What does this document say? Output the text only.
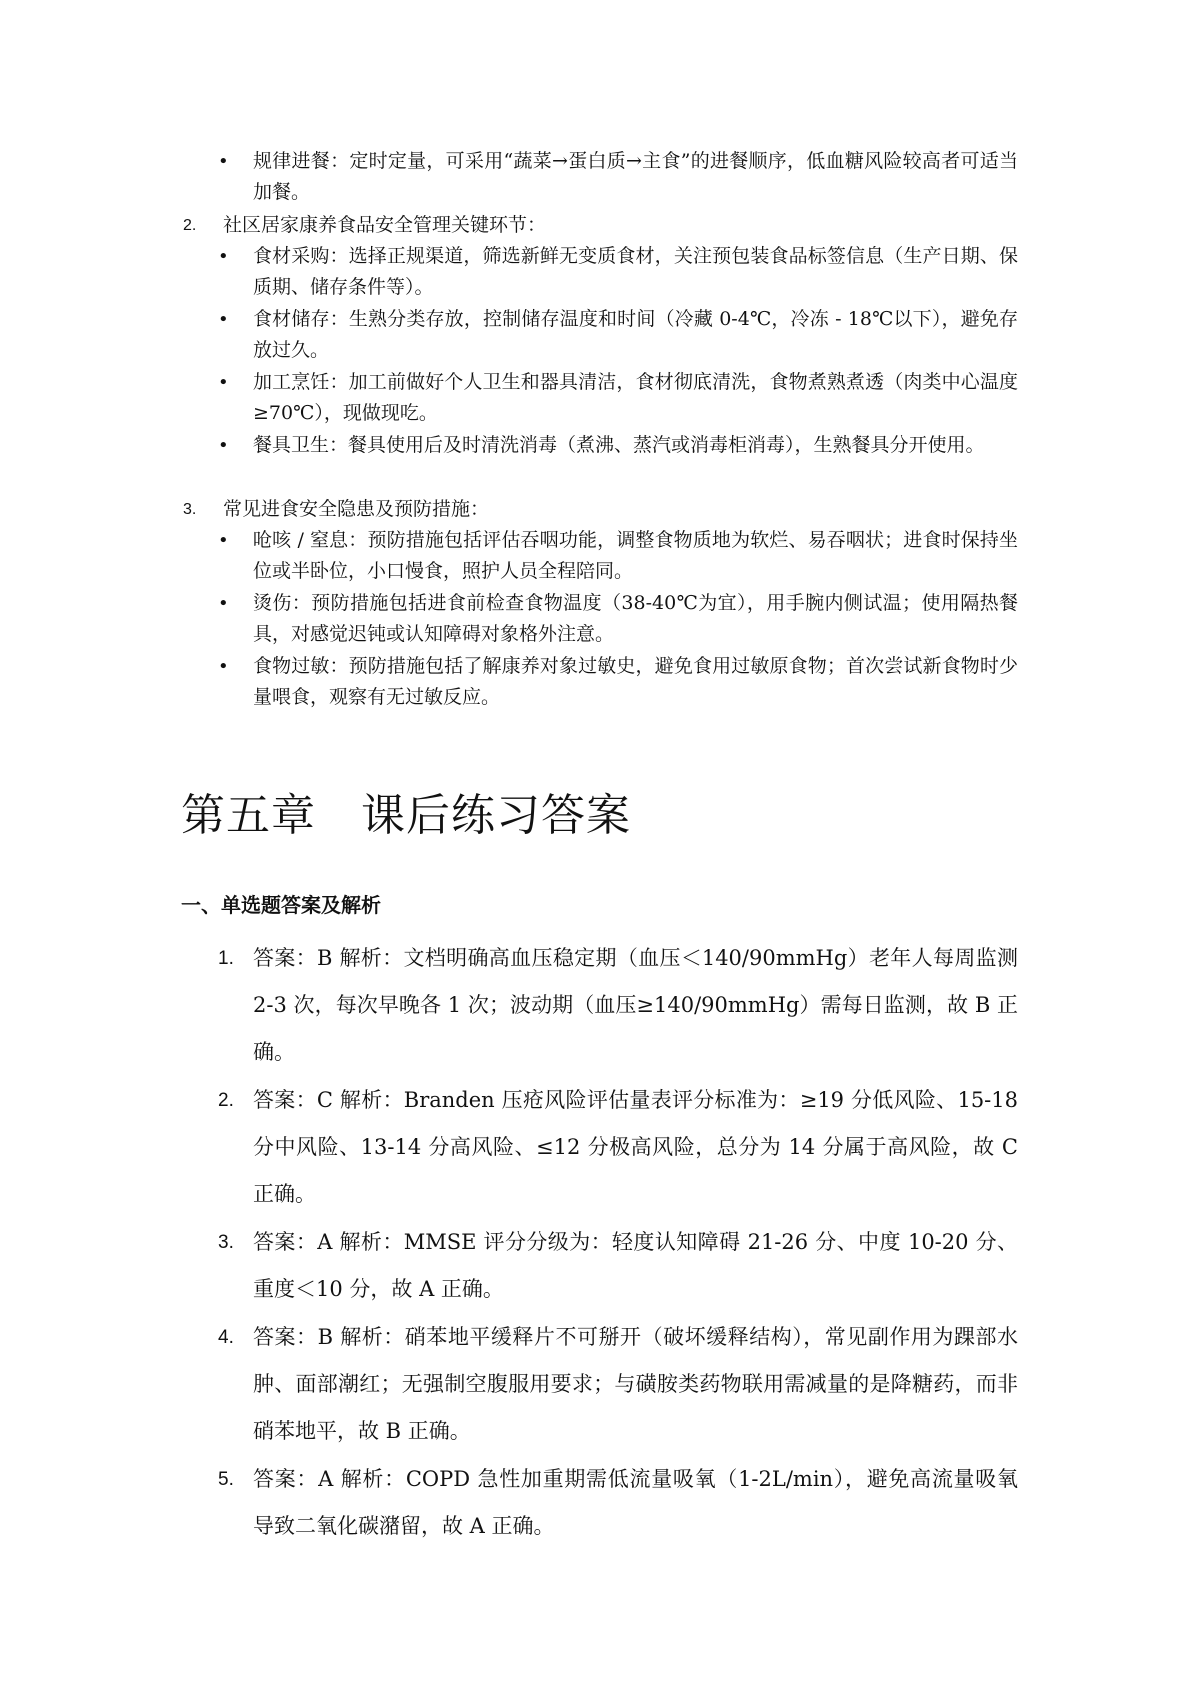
• 规律进餐：定时定量，可采用“蔬菜→蛋白质→主食”的进餐顺序，低血糖风险较高者可适当加餐。
2.	社区居家康养食品安全管理关键环节：
• 食材采购：选择正规渠道，筛选新鲜无变质食材，关注预包装食品标签信息（生产日期、保质期、储存条件等）。
• 食材储存：生熟分类存放，控制储存温度和时间（冷藏 0-4℃，冷冻 - 18℃以下），避免存放过久。
• 加工烹饪：加工前做好个人卫生和器具清洁，食材彻底清洗，食物煮熟煮透（肉类中心温度≥70℃），现做现吃。
• 餐具卫生：餐具使用后及时清洗消毒（煮沸、蒸汽或消毒柜消毒），生熟餐具分开使用。
3.	常见进食安全隐患及预防措施：
• 呛咳 / 窒息：预防措施包括评估吞咽功能，调整食物质地为软烂、易吞咽状；进食时保持坐位或半卧位，小口慢食，照护人员全程陪同。
• 烫伤：预防措施包括进食前检查食物温度（38-40℃为宜），用手腕内侧试温；使用隔热餐具，对感觉迟钝或认知障碍对象格外注意。
• 食物过敏：预防措施包括了解康养对象过敏史，避免食用过敏原食物；首次尝试新食物时少量喂食，观察有无过敏反应。
第五章　课后练习答案
一、单选题答案及解析
1. 答案：B 解析：文档明确高血压稳定期（血压＜140/90mmHg）老年人每周监测 2-3 次，每次早晚各 1 次；波动期（血压≥140/90mmHg）需每日监测，故 B 正确。
2. 答案：C 解析：Branden 压疮风险评估量表评分标准为：≥19 分低风险、15-18 分中风险、13-14 分高风险、≤12 分极高风险，总分为 14 分属于高风险，故 C 正确。
3. 答案：A 解析：MMSE 评分分级为：轻度认知障碍 21-26 分、中度 10-20 分、重度＜10 分，故 A 正确。
4. 答案：B 解析：硝苯地平缓释片不可掰开（破坏缓释结构），常见副作用为踝部水肿、面部潮红；无强制空腹服用要求；与磺胺类药物联用需减量的是降糖药，而非硝苯地平，故 B 正确。
5. 答案：A 解析：COPD 急性加重期需低流量吸氧（1-2L/min），避免高流量吸氧导致二氧化碳潴留，故 A 正确。
